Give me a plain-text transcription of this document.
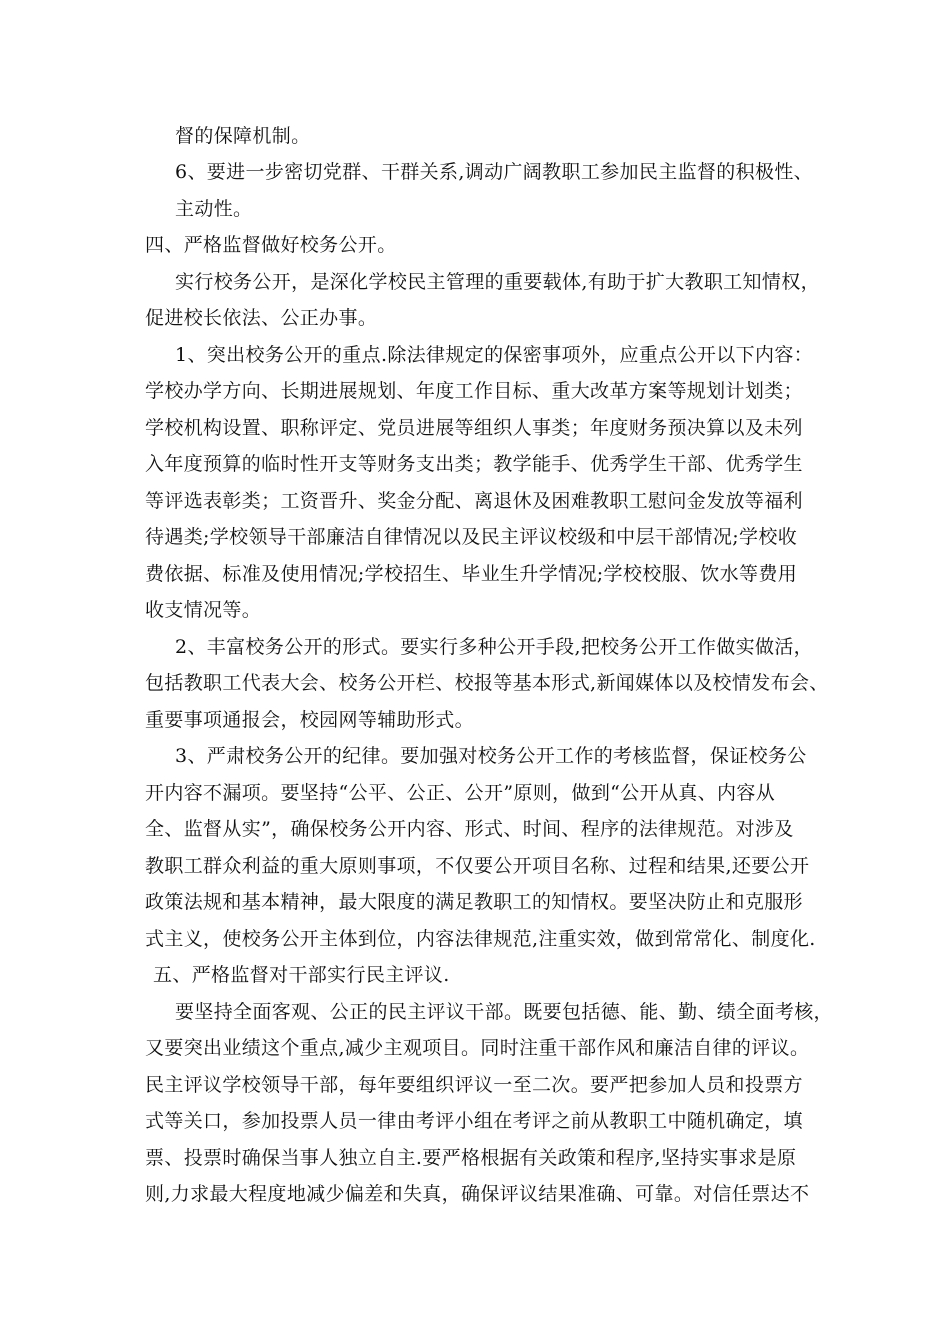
督的保障机制。
6、要进一步密切党群、干群关系,调动广阔教职工参加民主监督的积极性、
主动性。
四、严格监督做好校务公开。
实行校务公开，是深化学校民主管理的重要载体,有助于扩大教职工知情权，
促进校长依法、公正办事。
1、突出校务公开的重点.除法律规定的保密事项外，应重点公开以下内容：
学校办学方向、长期进展规划、年度工作目标、重大改革方案等规划计划类；
学校机构设置、职称评定、党员进展等组织人事类；年度财务预决算以及未列
入年度预算的临时性开支等财务支出类；教学能手、优秀学生干部、优秀学生
等评选表彰类；工资晋升、奖金分配、离退休及困难教职工慰问金发放等福利
待遇类;学校领导干部廉洁自律情况以及民主评议校级和中层干部情况;学校收
费依据、标准及使用情况;学校招生、毕业生升学情况;学校校服、饮水等费用
收支情况等。
2、丰富校务公开的形式。要实行多种公开手段,把校务公开工作做实做活，
包括教职工代表大会、校务公开栏、校报等基本形式,新闻媒体以及校情发布会、
重要事项通报会，校园网等辅助形式。
3、严肃校务公开的纪律。要加强对校务公开工作的考核监督，保证校务公
开内容不漏项。要坚持“公平、公正、公开”原则，做到“公开从真、内容从
全、监督从实”，确保校务公开内容、形式、时间、程序的法律规范。对涉及
教职工群众利益的重大原则事项，不仅要公开项目名称、过程和结果,还要公开
政策法规和基本精神，最大限度的满足教职工的知情权。要坚决防止和克服形
式主义，使校务公开主体到位，内容法律规范,注重实效，做到常常化、制度化.
五、严格监督对干部实行民主评议.
要坚持全面客观、公正的民主评议干部。既要包括德、能、勤、绩全面考核，
又要突出业绩这个重点,减少主观项目。同时注重干部作风和廉洁自律的评议。
民主评议学校领导干部，每年要组织评议一至二次。要严把参加人员和投票方
式等关口，参加投票人员一律由考评小组在考评之前从教职工中随机确定，填
票、投票时确保当事人独立自主.要严格根据有关政策和程序,坚持实事求是原
则,力求最大程度地减少偏差和失真，确保评议结果准确、可靠。对信任票达不
